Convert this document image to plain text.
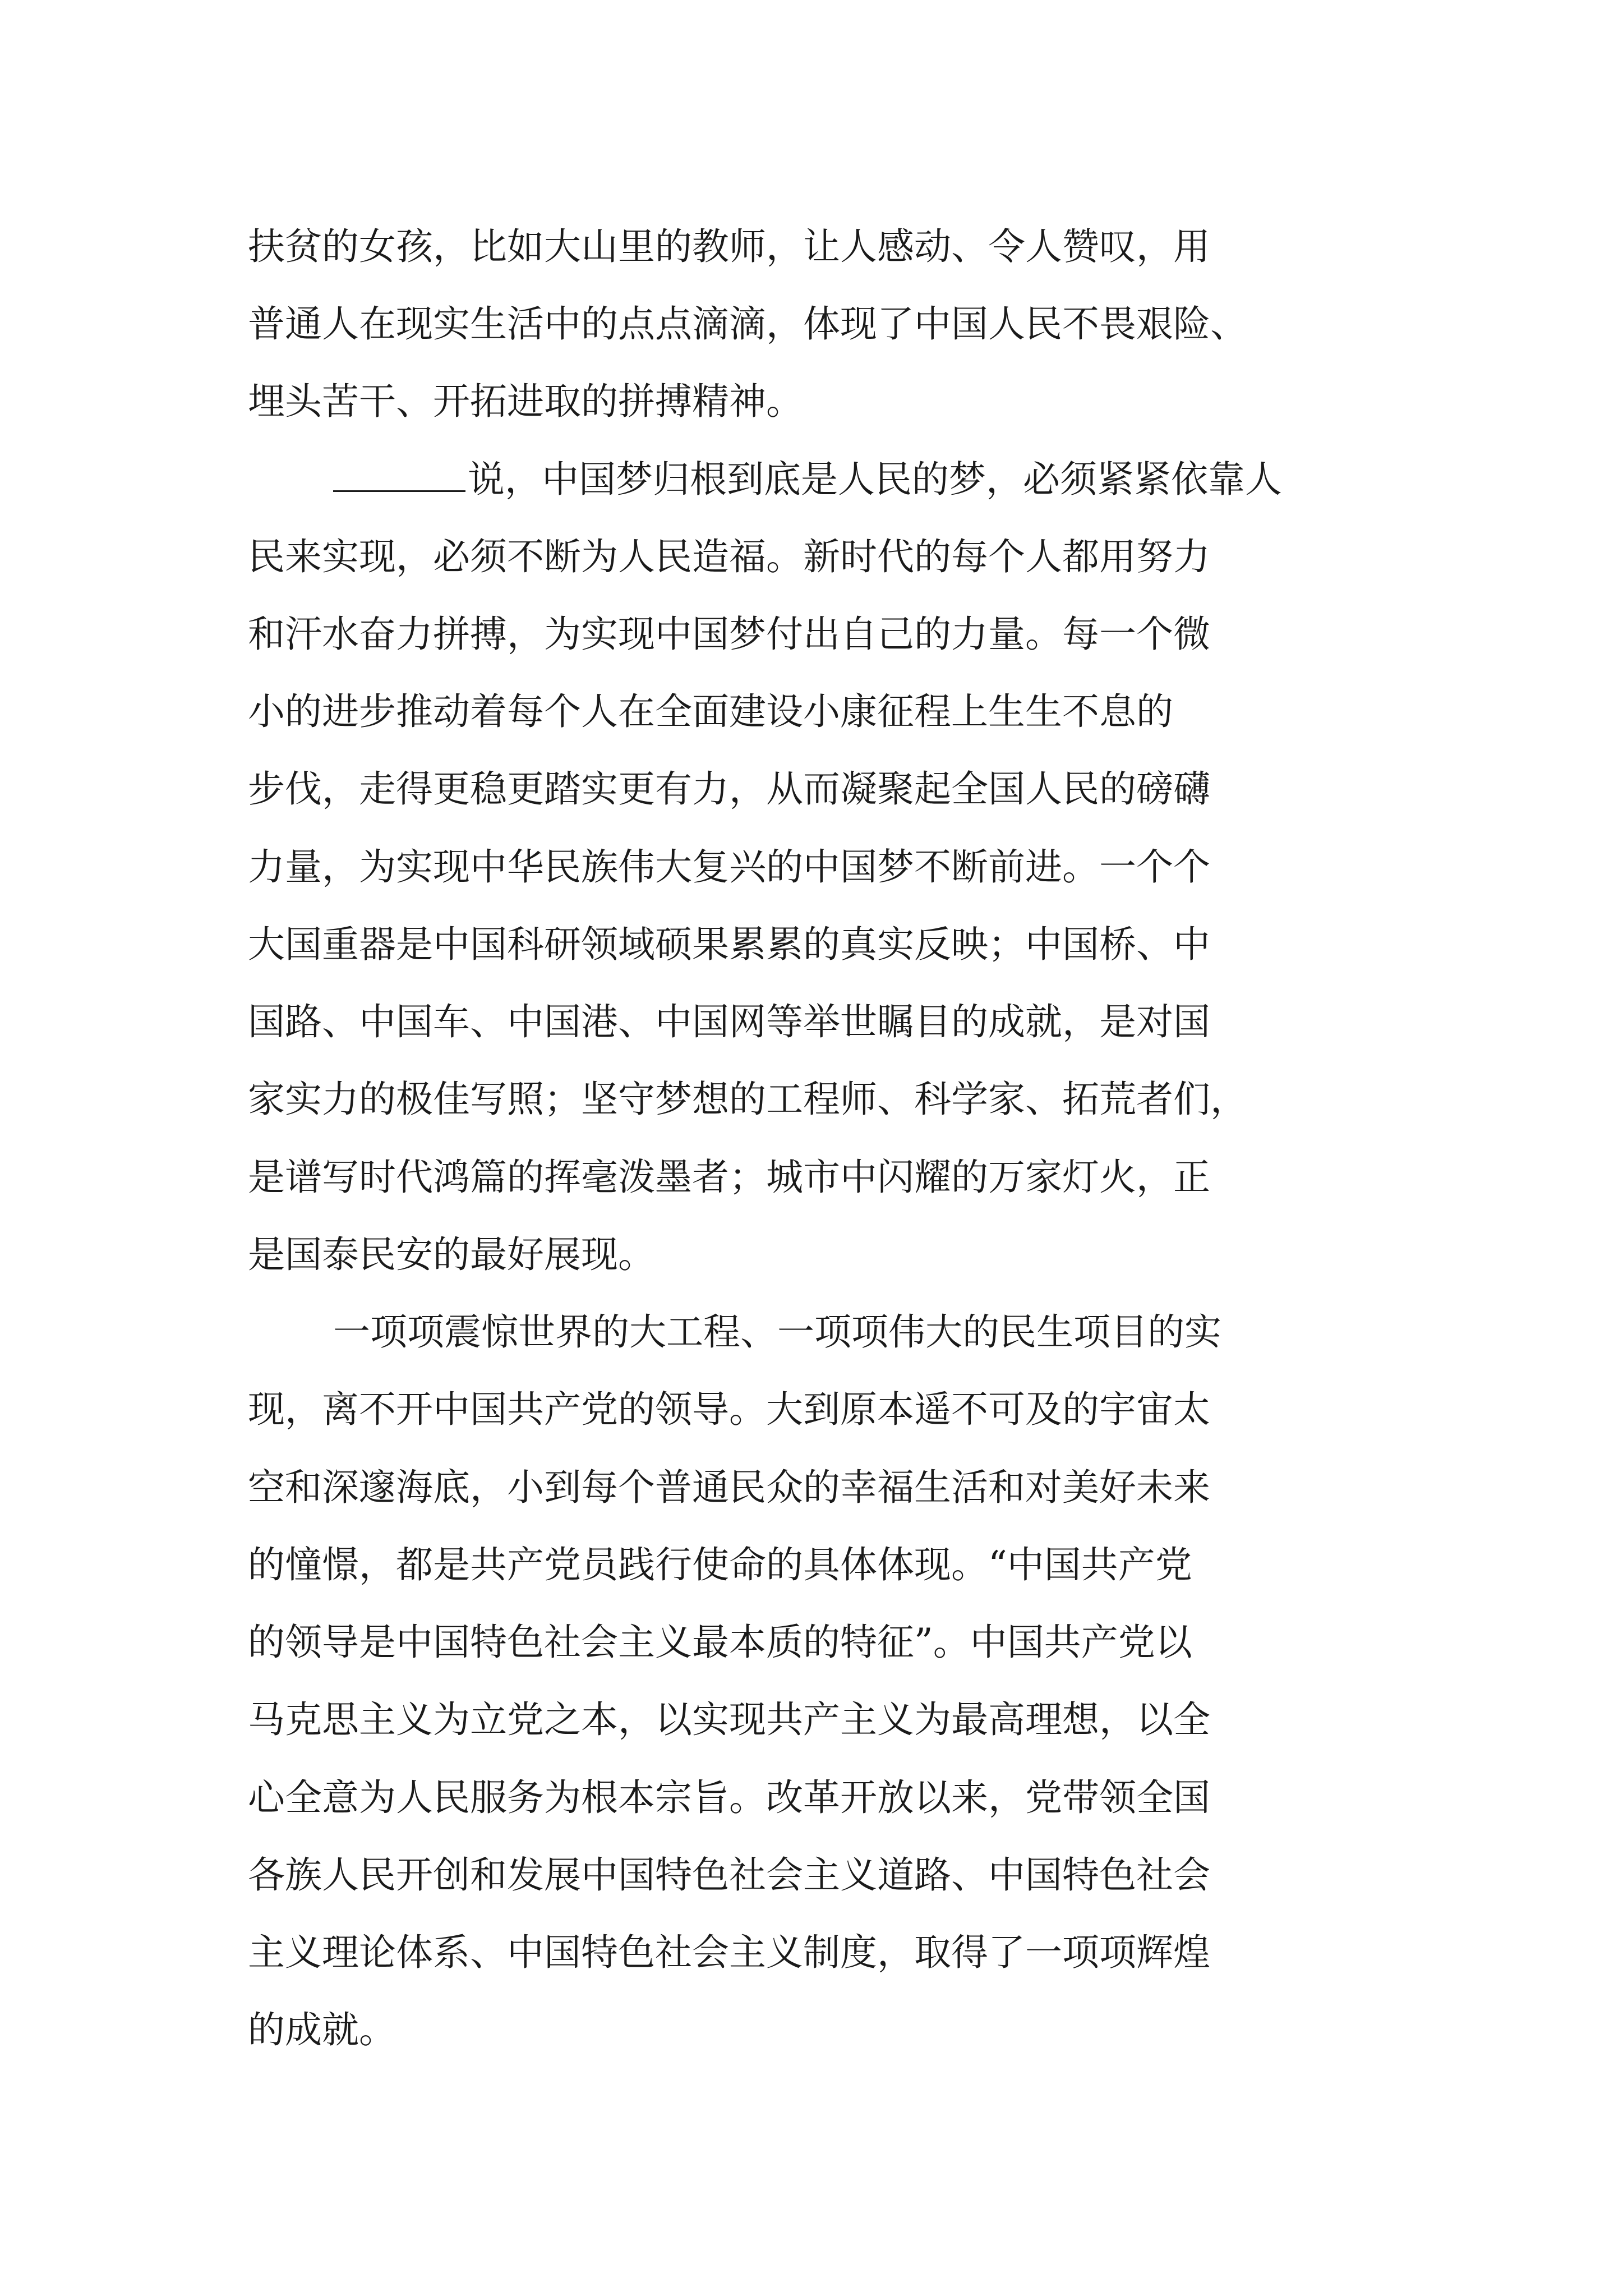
扶贫的女孩，比如大山里的教师，让人感动、令人赞叹，用
普通人在现实生活中的点点滴滴，体现了中国人民不畏艰险、
埋头苦干、开拓进取的拼搏精神。
说，中国梦归根到底是人民的梦，必须紧紧依靠人
民来实现，必须不断为人民造福。新时代的每个人都用努力
和汗水奋力拼搏，为实现中国梦付出自己的力量。每一个微
小的进步推动着每个人在全面建设小康征程上生生不息的
步伐，走得更稳更踏实更有力，从而凝聚起全国人民的磅礴
力量，为实现中华民族伟大复兴的中国梦不断前进。一个个
大国重器是中国科研领域硕果累累的真实反映；中国桥、中
国路、中国车、中国港、中国网等举世瞩目的成就，是对国
家实力的极佳写照；坚守梦想的工程师、科学家、拓荒者们，
是谱写时代鸿篇的挥毫泼墨者；城市中闪耀的万家灯火，正
是国泰民安的最好展现。
一项项震惊世界的大工程、一项项伟大的民生项目的实
现，离不开中国共产党的领导。大到原本遥不可及的宇宙太
空和深邃海底，小到每个普通民众的幸福生活和对美好未来
的憧憬，都是共产党员践行使命的具体体现。“中国共产党
的领导是中国特色社会主义最本质的特征”。中国共产党以
马克思主义为立党之本，以实现共产主义为最高理想，以全
心全意为人民服务为根本宗旨。改革开放以来，党带领全国
各族人民开创和发展中国特色社会主义道路、中国特色社会
主义理论体系、中国特色社会主义制度，取得了一项项辉煌
的成就。
